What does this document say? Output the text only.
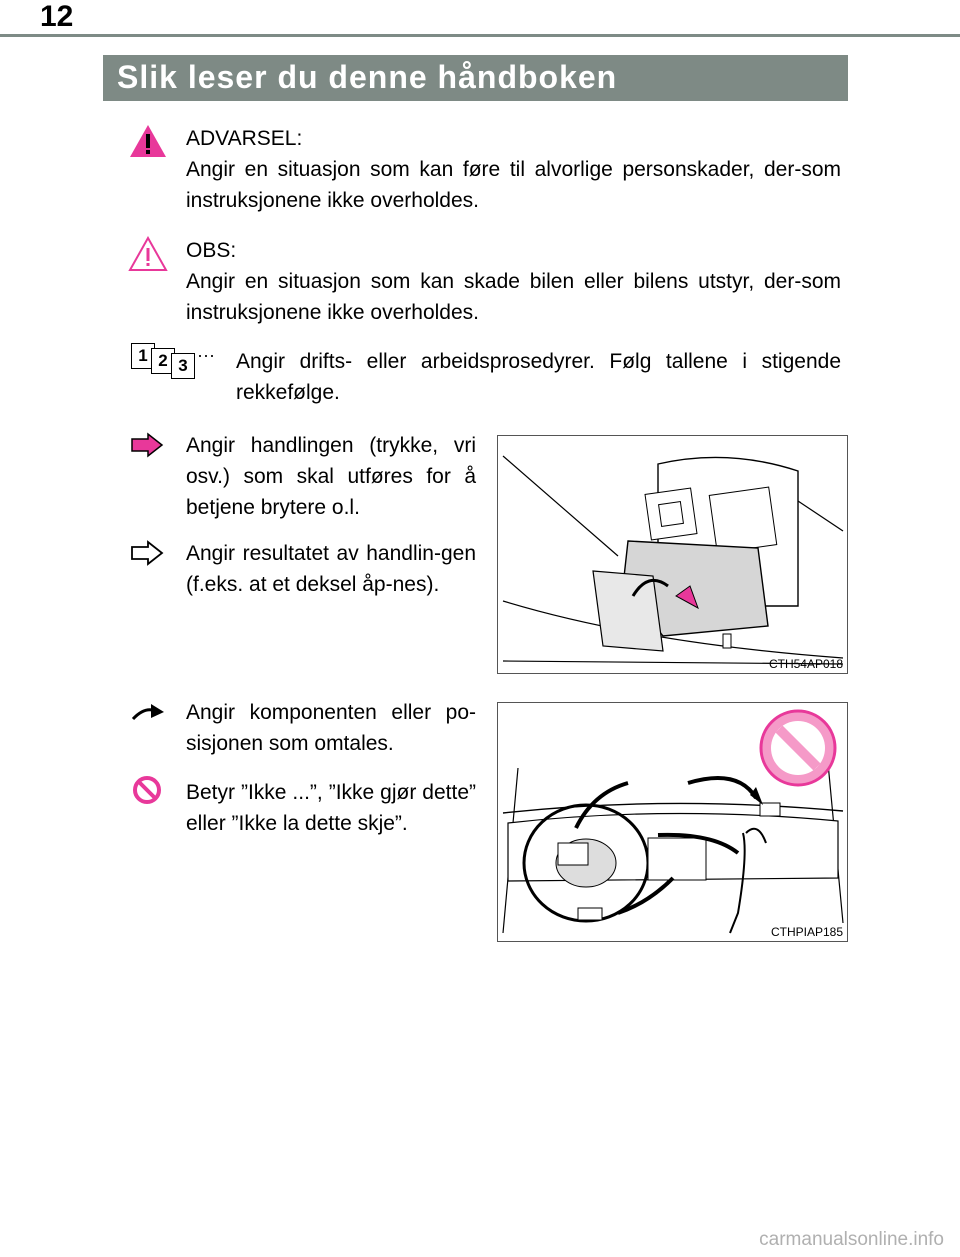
12
Slik leser du denne håndboken
ADVARSEL:
Angir en situasjon som kan føre til alvorlige personskader, der-som instruksjonene ikke overholdes.
OBS:
Angir en situasjon som kan skade bilen eller bilens utstyr, der-som instruksjonene ikke overholdes.
1 2 3
··· Angir drifts- eller arbeidsprosedyrer. Følg tallene i stigende rekkefølge.
Angir handlingen (trykke, vri osv.) som skal utføres for å betjene brytere o.l.
Angir resultatet av handlin-gen (f.eks. at et deksel åp-nes).
CTH54AP018
Angir komponenten eller po-sisjonen som omtales.
Betyr ”Ikke ...”, ”Ikke gjør dette” eller ”Ikke la dette skje”.
CTHPIAP185
carmanualsonline.info
